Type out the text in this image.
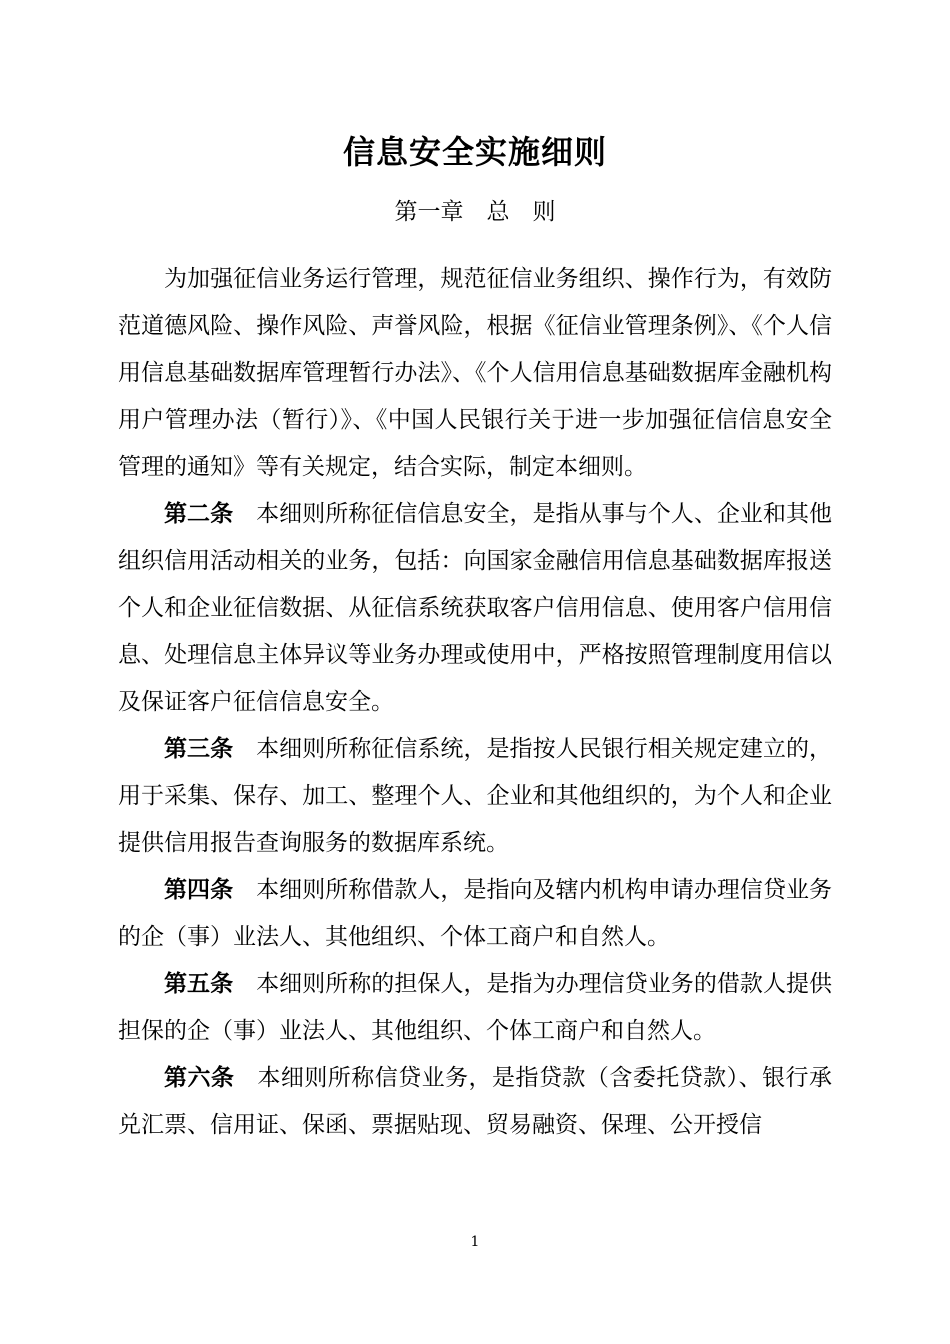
信息安全实施细则
第一章　总　则

为加强征信业务运行管理，规范征信业务组织、操作行为，有效防范道德风险、操作风险、声誉风险，根据《征信业管理条例》、《个人信用信息基础数据库管理暂行办法》、《个人信用信息基础数据库金融机构用户管理办法（暂行）》、《中国人民银行关于进一步加强征信信息安全管理的通知》等有关规定，结合实际，制定本细则。

第二条 本细则所称征信信息安全，是指从事与个人、企业和其他组织信用活动相关的业务，包括：向国家金融信用信息基础数据库报送个人和企业征信数据、从征信系统获取客户信用信息、使用客户信用信息、处理信息主体异议等业务办理或使用中，严格按照管理制度用信以及保证客户征信信息安全。

第三条 本细则所称征信系统，是指按人民银行相关规定建立的，用于采集、保存、加工、整理个人、企业和其他组织的，为个人和企业提供信用报告查询服务的数据库系统。

第四条 本细则所称借款人，是指向及辖内机构申请办理信贷业务的企（事）业法人、其他组织、个体工商户和自然人。

第五条 本细则所称的担保人，是指为办理信贷业务的借款人提供担保的企（事）业法人、其他组织、个体工商户和自然人。

第六条 本细则所称信贷业务，是指贷款（含委托贷款）、银行承兑汇票、信用证、保函、票据贴现、贸易融资、保理、公开授信

1
